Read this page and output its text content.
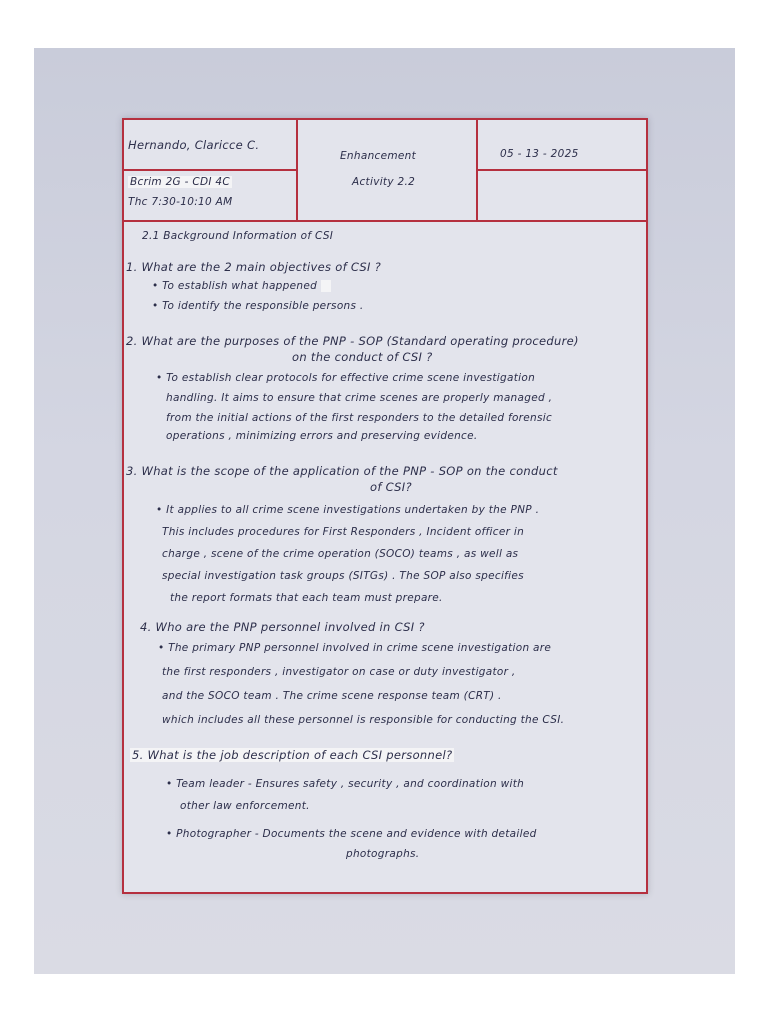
Hernando, Claricce C.
Bcrim 2G - CDI 4C
Thc 7:30-10:10 AM
Enhancement
Activity 2.2
05 - 13 - 2025
2.1 Background Information of CSI
1. What are the 2 main objectives of CSI ?
• To establish what happened
• To identify the responsible persons .
2. What are the purposes of the PNP - SOP (Standard operating procedure)
on the conduct of CSI ?
• To establish clear protocols for effective crime scene investigation
handling. It aims to ensure that crime scenes are properly managed ,
from the initial actions of the first responders to the detailed forensic
operations , minimizing errors and preserving evidence.
3. What is the scope of the application of the PNP - SOP on the conduct
of CSI?
• It applies to all crime scene investigations undertaken by the PNP .
This includes procedures for First Responders , Incident officer in
charge , scene of the crime operation (SOCO) teams , as well as
special investigation task groups (SITGs) . The SOP also specifies
the report formats that each team must prepare.
4. Who are the PNP personnel involved in CSI ?
• The primary PNP personnel involved in crime scene investigation are
the first responders , investigator on case or duty investigator ,
and the SOCO team . The crime scene response team (CRT) .
which includes all these personnel is responsible for conducting the CSI.
5. What is the job description of each CSI personnel?
• Team leader - Ensures safety , security , and coordination with
other law enforcement.
• Photographer - Documents the scene and evidence with detailed
photographs.
